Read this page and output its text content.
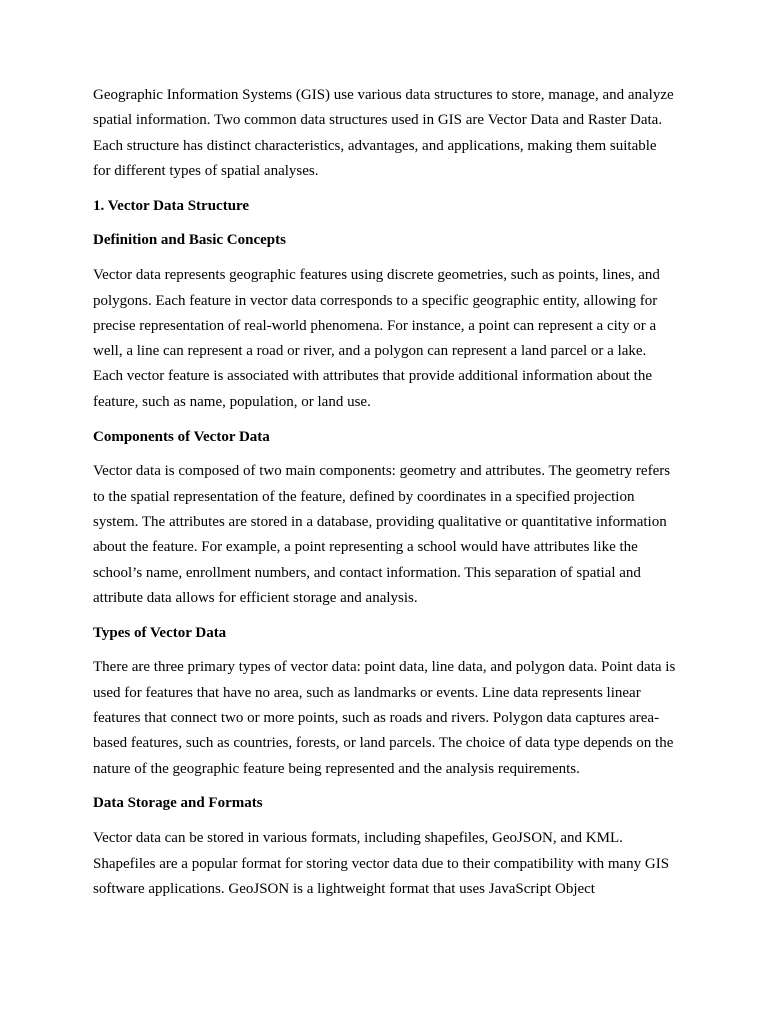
Geographic Information Systems (GIS) use various data structures to store, manage, and analyze spatial information. Two common data structures used in GIS are Vector Data and Raster Data. Each structure has distinct characteristics, advantages, and applications, making them suitable for different types of spatial analyses.

1. Vector Data Structure

Definition and Basic Concepts

Vector data represents geographic features using discrete geometries, such as points, lines, and polygons. Each feature in vector data corresponds to a specific geographic entity, allowing for precise representation of real-world phenomena. For instance, a point can represent a city or a well, a line can represent a road or river, and a polygon can represent a land parcel or a lake. Each vector feature is associated with attributes that provide additional information about the feature, such as name, population, or land use.

Components of Vector Data

Vector data is composed of two main components: geometry and attributes. The geometry refers to the spatial representation of the feature, defined by coordinates in a specified projection system. The attributes are stored in a database, providing qualitative or quantitative information about the feature. For example, a point representing a school would have attributes like the school’s name, enrollment numbers, and contact information. This separation of spatial and attribute data allows for efficient storage and analysis.

Types of Vector Data

There are three primary types of vector data: point data, line data, and polygon data. Point data is used for features that have no area, such as landmarks or events. Line data represents linear features that connect two or more points, such as roads and rivers. Polygon data captures area-based features, such as countries, forests, or land parcels. The choice of data type depends on the nature of the geographic feature being represented and the analysis requirements.

Data Storage and Formats

Vector data can be stored in various formats, including shapefiles, GeoJSON, and KML. Shapefiles are a popular format for storing vector data due to their compatibility with many GIS software applications. GeoJSON is a lightweight format that uses JavaScript Object
